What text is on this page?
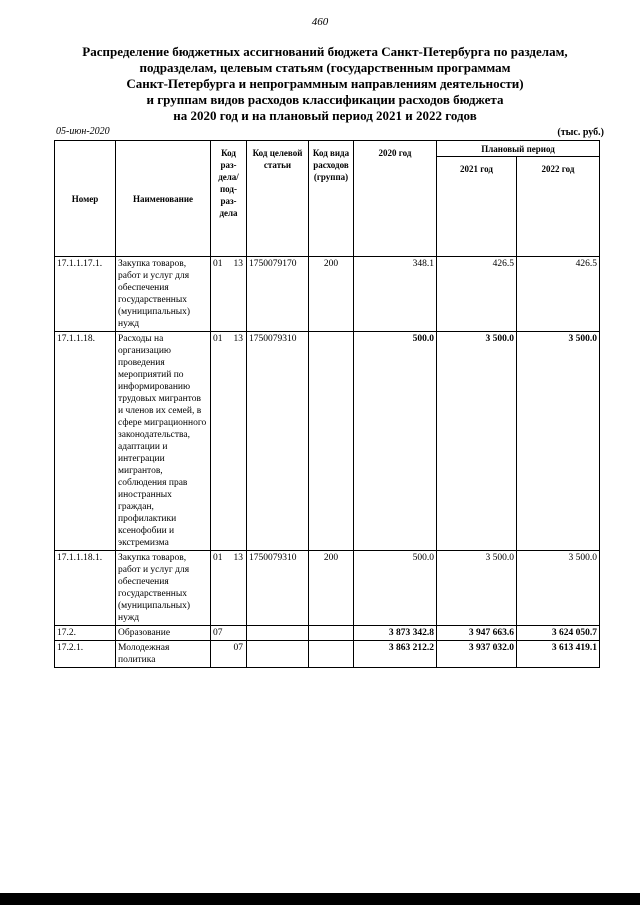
460
Распределение бюджетных ассигнований бюджета Санкт-Петербурга по разделам,
подразделам, целевым статьям (государственным программам
Санкт-Петербурга и непрограммным направлениям деятельности)
и группам видов расходов классификации расходов бюджета
на 2020 год и на плановый период 2021 и 2022 годов
05-июн-2020	(тыс. руб.)
Номер	Наименование	Код раз-дела/ под-раз-дела	Код целевой статьи	Код вида расходов (группа)	2020 год	Плановый период	
						2021 год	2022 год
17.1.1.17.1.	Закупка товаров, работ и услуг для обеспечения государственных (муниципальных) нужд	01 13	1750079170	200	348.1	426.5	426.5
17.1.1.18.	Расходы на организацию проведения мероприятий по информированию трудовых мигрантов и членов их семей, в сфере миграционного законодательства, адаптации и интеграции мигрантов, соблюдения прав иностранных граждан, профилактики ксенофобии и экстремизма	01 13	1750079310		500.0	3 500.0	3 500.0
17.1.1.18.1.	Закупка товаров, работ и услуг для обеспечения государственных (муниципальных) нужд	01 13	1750079310	200	500.0	3 500.0	3 500.0
17.2.	Образование	07			3 873 342.8	3 947 663.6	3 624 050.7
17.2.1.	Молодежная политика	07			3 863 212.2	3 937 032.0	3 613 419.1
